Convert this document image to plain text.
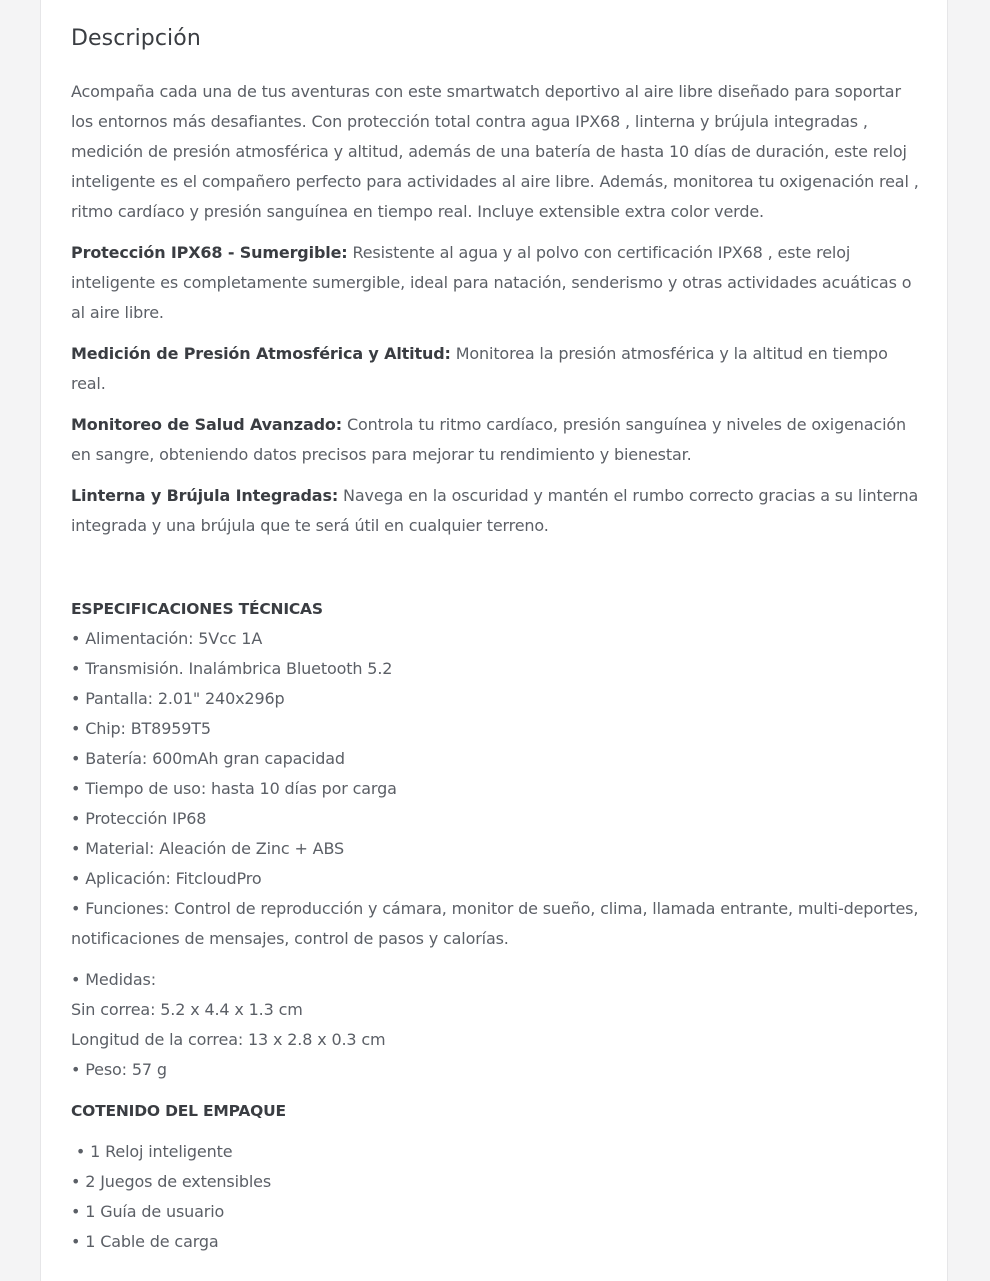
Descripción

Acompaña cada una de tus aventuras con este smartwatch deportivo al aire libre diseñado para soportar los entornos más desafiantes. Con protección total contra agua IPX68 , linterna y brújula integradas , medición de presión atmosférica y altitud, además de una batería de hasta 10 días de duración, este reloj inteligente es el compañero perfecto para actividades al aire libre. Además, monitorea tu oxigenación real , ritmo cardíaco y presión sanguínea en tiempo real. Incluye extensible extra color verde.

Protección IPX68 - Sumergible: Resistente al agua y al polvo con certificación IPX68 , este reloj inteligente es completamente sumergible, ideal para natación, senderismo y otras actividades acuáticas o al aire libre.

Medición de Presión Atmosférica y Altitud: Monitorea la presión atmosférica y la altitud en tiempo real.

Monitoreo de Salud Avanzado: Controla tu ritmo cardíaco, presión sanguínea y niveles de oxigenación en sangre, obteniendo datos precisos para mejorar tu rendimiento y bienestar.

Linterna y Brújula Integradas: Navega en la oscuridad y mantén el rumbo correcto gracias a su linterna integrada y una brújula que te será útil en cualquier terreno.

ESPECIFICACIONES TÉCNICAS

• Alimentación: 5Vcc 1A
• Transmisión. Inalámbrica Bluetooth 5.2
• Pantalla: 2.01" 240x296p
• Chip: BT8959T5
• Batería: 600mAh gran capacidad
• Tiempo de uso: hasta 10 días por carga
• Protección IP68
• Material: Aleación de Zinc + ABS
• Aplicación: FitcloudPro
• Funciones: Control de reproducción y cámara, monitor de sueño, clima, llamada entrante, multi-deportes, notificaciones de mensajes, control de pasos y calorías.
• Medidas:
Sin correa: 5.2 x 4.4 x 1.3 cm
Longitud de la correa: 13 x 2.8 x 0.3 cm
• Peso: 57 g

COTENIDO DEL EMPAQUE

• 1 Reloj inteligente
• 2 Juegos de extensibles
• 1 Guía de usuario
• 1 Cable de carga
